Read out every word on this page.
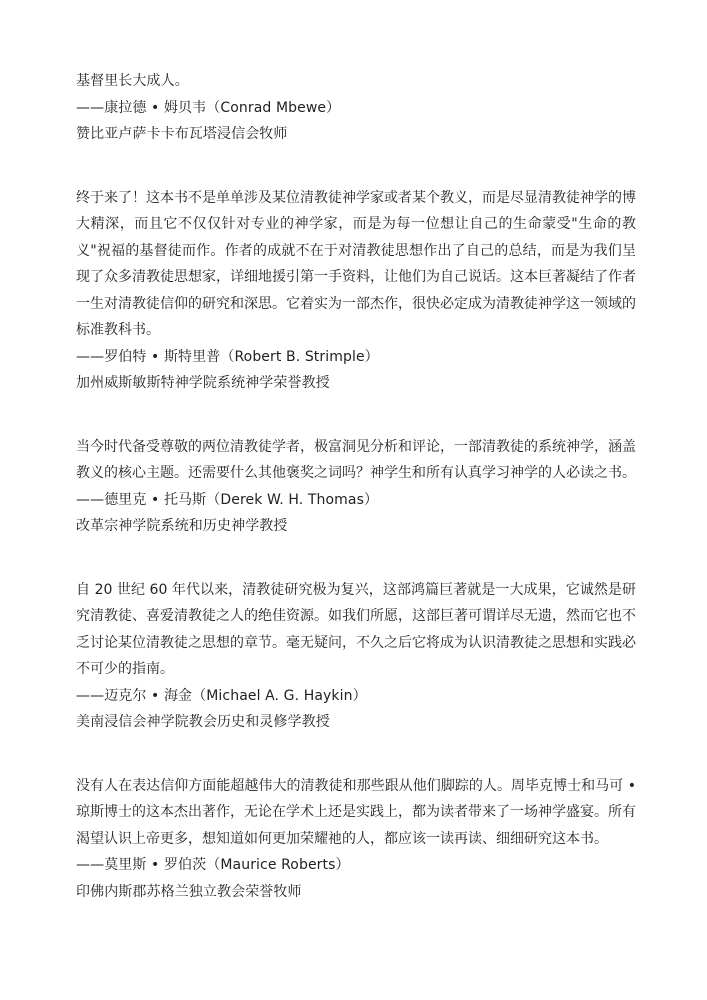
基督里长大成人。
——康拉德 • 姆贝韦（Conrad Mbewe）
赞比亚卢萨卡卡布瓦塔浸信会牧师
终于来了！这本书不是单单涉及某位清教徒神学家或者某个教义，而是尽显清教徒神学的博大精深，而且它不仅仅针对专业的神学家，而是为每一位想让自己的生命蒙受"生命的教义"祝福的基督徒而作。作者的成就不在于对清教徒思想作出了自己的总结，而是为我们呈现了众多清教徒思想家，详细地援引第一手资料，让他们为自己说话。这本巨著凝结了作者一生对清教徒信仰的研究和深思。它着实为一部杰作，很快必定成为清教徒神学这一领域的标准教科书。
——罗伯特 • 斯特里普（Robert B. Strimple）
加州威斯敏斯特神学院系统神学荣誉教授
当今时代备受尊敬的两位清教徒学者，极富洞见分析和评论，一部清教徒的系统神学，涵盖教义的核心主题。还需要什么其他褒奖之词吗？神学生和所有认真学习神学的人必读之书。
——德里克 • 托马斯（Derek W. H. Thomas）
改革宗神学院系统和历史神学教授
自 20 世纪 60 年代以来，清教徒研究极为复兴，这部鸿篇巨著就是一大成果，它诚然是研究清教徒、喜爱清教徒之人的绝佳资源。如我们所愿，这部巨著可谓详尽无遗，然而它也不乏讨论某位清教徒之思想的章节。毫无疑问，不久之后它将成为认识清教徒之思想和实践必不可少的指南。
——迈克尔 • 海金（Michael A. G. Haykin）
美南浸信会神学院教会历史和灵修学教授
没有人在表达信仰方面能超越伟大的清教徒和那些跟从他们脚踪的人。周毕克博士和马可 • 琼斯博士的这本杰出著作，无论在学术上还是实践上，都为读者带来了一场神学盛宴。所有渴望认识上帝更多，想知道如何更加荣耀祂的人，都应该一读再读、细细研究这本书。
——莫里斯 • 罗伯茨（Maurice Roberts）
印佛内斯郡苏格兰独立教会荣誉牧师
